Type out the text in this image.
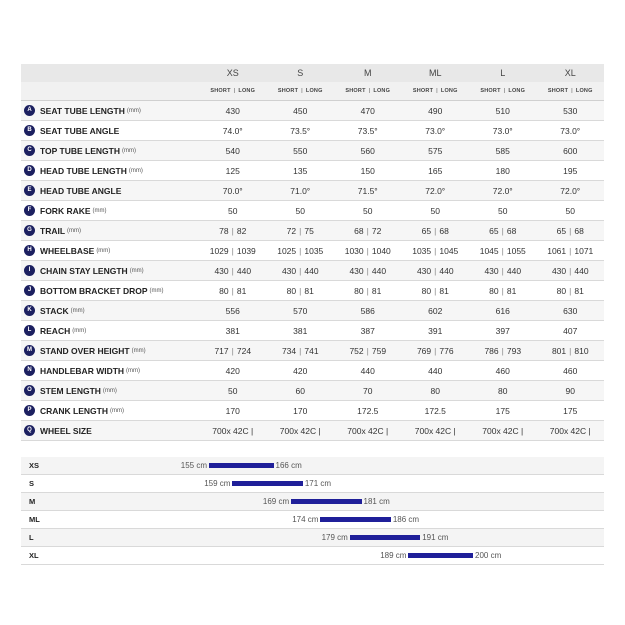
	XS	S	M	ML	L	XL
	SHORT | LONG	SHORT | LONG	SHORT | LONG	SHORT | LONG	SHORT | LONG	SHORT | LONG
A SEAT TUBE LENGTH (mm)	430	450	470	490	510	530
B SEAT TUBE ANGLE	74.0°	73.5°	73.5°	73.0°	73.0°	73.0°
C TOP TUBE LENGTH (mm)	540	550	560	575	585	600
D HEAD TUBE LENGTH (mm)	125	135	150	165	180	195
E HEAD TUBE ANGLE	70.0°	71.0°	71.5°	72.0°	72.0°	72.0°
F FORK RAKE (mm)	50	50	50	50	50	50
G TRAIL (mm)	78 | 82	72 | 75	68 | 72	65 | 68	65 | 68	65 | 68
H WHEELBASE (mm)	1029 | 1039	1025 | 1035	1030 | 1040	1035 | 1045	1045 | 1055	1061 | 1071
I CHAIN STAY LENGTH (mm)	430 | 440	430 | 440	430 | 440	430 | 440	430 | 440	430 | 440
J BOTTOM BRACKET DROP (mm)	80 | 81	80 | 81	80 | 81	80 | 81	80 | 81	80 | 81
K STACK (mm)	556	570	586	602	616	630
L REACH (mm)	381	381	387	391	397	407
M STAND OVER HEIGHT (mm)	717 | 724	734 | 741	752 | 759	769 | 776	786 | 793	801 | 810
N HANDLEBAR WIDTH (mm)	420	420	440	440	460	460
O STEM LENGTH (mm)	50	60	70	80	80	90
P CRANK LENGTH (mm)	170	170	172.5	172.5	175	175
Q WHEEL SIZE	700x 42C |	700x 42C |	700x 42C |	700x 42C |	700x 42C |	700x 42C |
XS	155 cm	166 cm
S	159 cm	171 cm
M	169 cm	181 cm
ML	174 cm	186 cm
L	179 cm	191 cm
XL	189 cm	200 cm
